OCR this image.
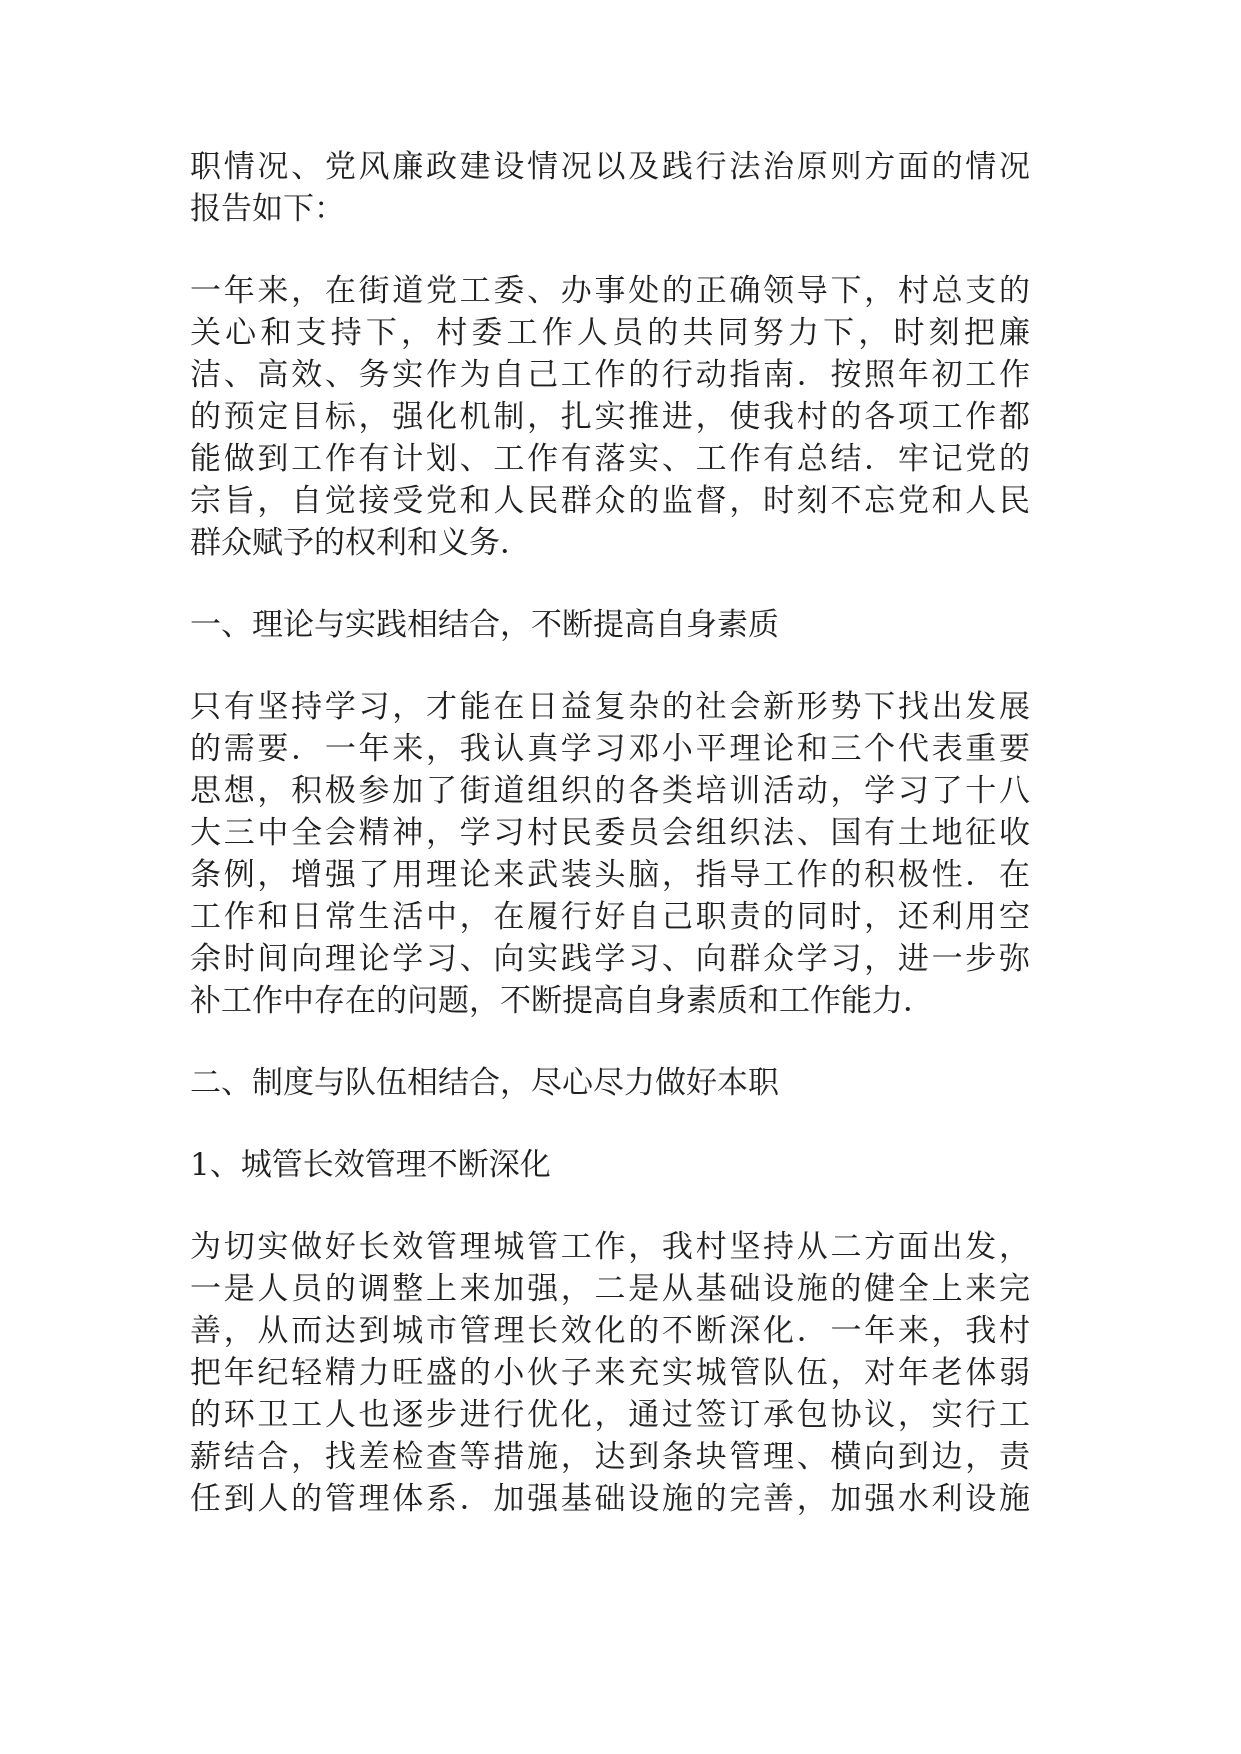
职情况、党风廉政建设情况以及践行法治原则方面的情况
报告如下：
一年来，在街道党工委、办事处的正确领导下，村总支的
关心和支持下，村委工作人员的共同努力下，时刻把廉
洁、高效、务实作为自己工作的行动指南．按照年初工作
的预定目标，强化机制，扎实推进，使我村的各项工作都
能做到工作有计划、工作有落实、工作有总结．牢记党的
宗旨，自觉接受党和人民群众的监督，时刻不忘党和人民
群众赋予的权利和义务．
一、理论与实践相结合，不断提高自身素质
只有坚持学习，才能在日益复杂的社会新形势下找出发展
的需要．一年来，我认真学习邓小平理论和三个代表重要
思想，积极参加了街道组织的各类培训活动，学习了十八
大三中全会精神，学习村民委员会组织法、国有土地征收
条例，增强了用理论来武装头脑，指导工作的积极性．在
工作和日常生活中，在履行好自己职责的同时，还利用空
余时间向理论学习、向实践学习、向群众学习，进一步弥
补工作中存在的问题，不断提高自身素质和工作能力．
二、制度与队伍相结合，尽心尽力做好本职
1、城管长效管理不断深化
为切实做好长效管理城管工作，我村坚持从二方面出发，
一是人员的调整上来加强，二是从基础设施的健全上来完
善，从而达到城市管理长效化的不断深化．一年来，我村
把年纪轻精力旺盛的小伙子来充实城管队伍，对年老体弱
的环卫工人也逐步进行优化，通过签订承包协议，实行工
薪结合，找差检查等措施，达到条块管理、横向到边，责
任到人的管理体系．加强基础设施的完善，加强水利设施
